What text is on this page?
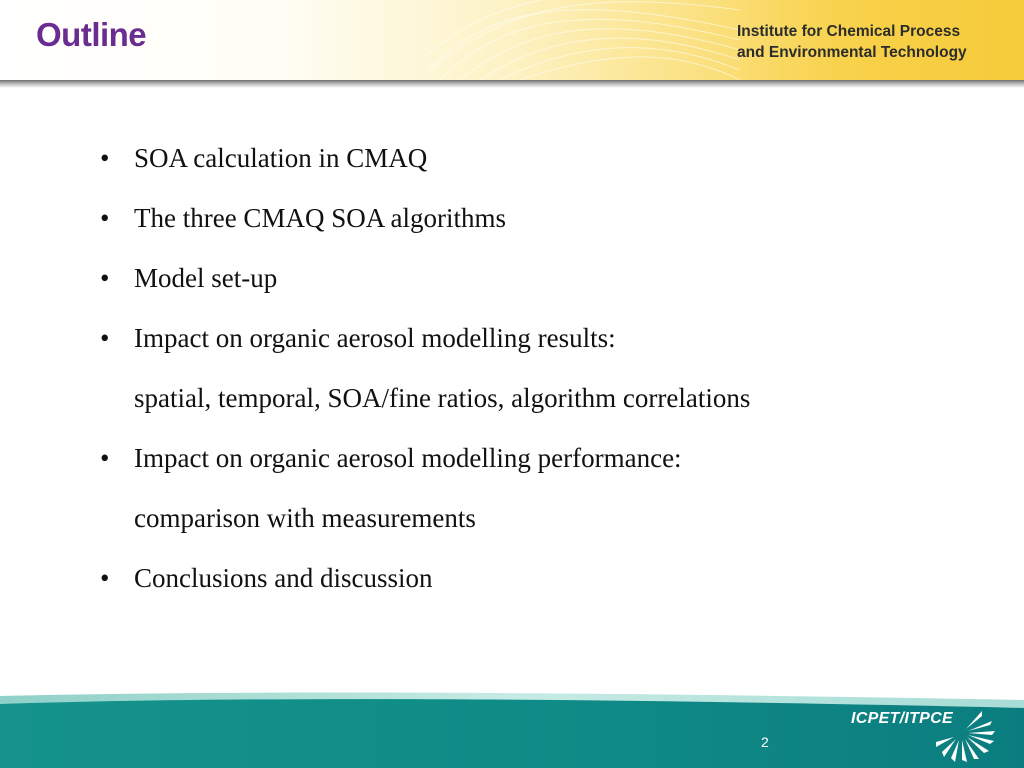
Outline	Institute for Chemical Process
and Environmental Technology
• SOA calculation in CMAQ
• The three CMAQ SOA algorithms
• Model set-up
• Impact on organic aerosol modelling results:
spatial, temporal, SOA/fine ratios, algorithm correlations
• Impact on organic aerosol modelling performance:
comparison with measurements
• Conclusions and discussion
2
ICPET/ITPCE
